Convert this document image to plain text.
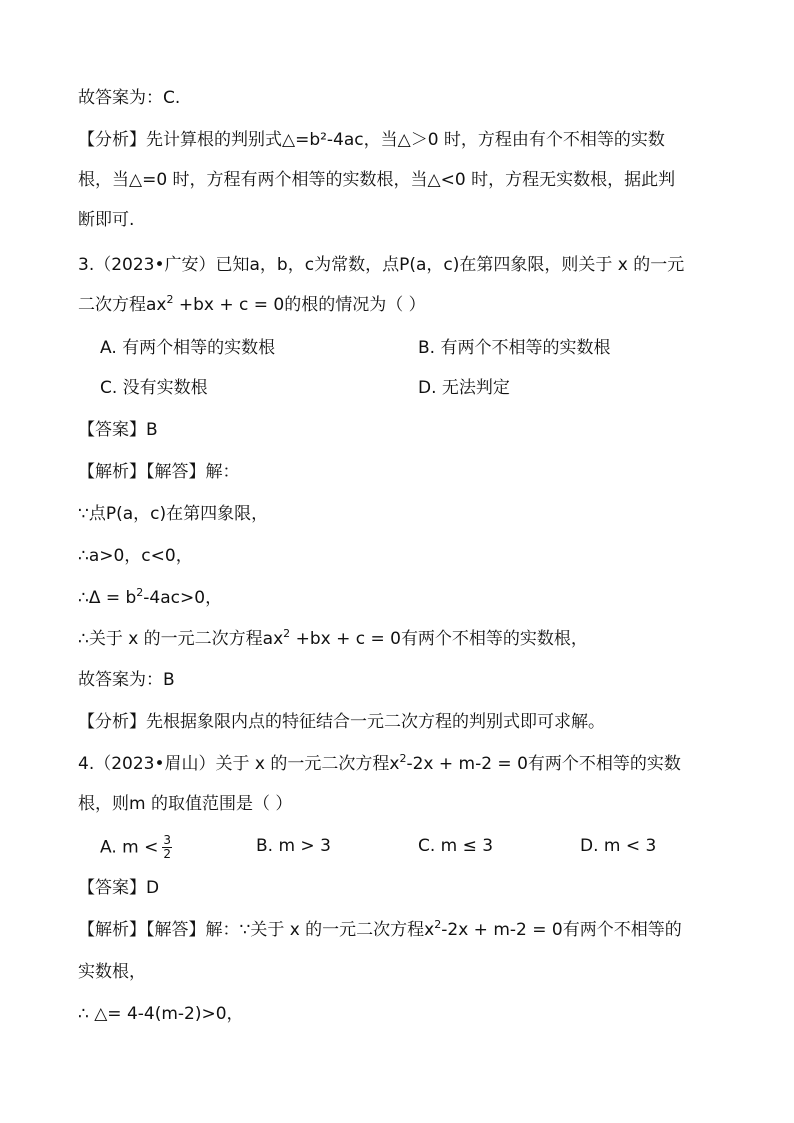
故答案为：C.
【分析】先计算根的判别式△=b²-4ac，当△＞0 时，方程由有个不相等的实数
根，当△=0 时，方程有两个相等的实数根，当△<0 时，方程无实数根，据此判
断即可.
3.（2023•广安）已知a，b，c为常数，点P(a，c)在第四象限，则关于 x 的一元
二次方程$ax^2 +bx + c = 0$的根的情况为（ ）
A. 有两个相等的实数根	B. 有两个不相等的实数根
C. 没有实数根	D. 无法判定
【答案】B
【解析】【解答】解：
∵点P(a，c)在第四象限，
∴a>0，c<0，
∴Δ = $b^2-4ac>0$，
∴关于 x 的一元二次方程$ax^2 +bx + c = 0$有两个不相等的实数根，
故答案为：B
【分析】先根据象限内点的特征结合一元二次方程的判别式即可求解。
4.（2023•眉山）关于 x 的一元二次方程$x^2-2x + m-2 = 0$有两个不相等的实数
根，则m 的取值范围是（ ）
A. $m < \frac{3}{2}$	B. m > 3	C. m ≤ 3	D. m < 3
【答案】D
【解析】【解答】解：∵关于 x 的一元二次方程$x^2-2x + m-2 = 0$有两个不相等的
实数根，
∴ △= 4-4(m-2)>0，
